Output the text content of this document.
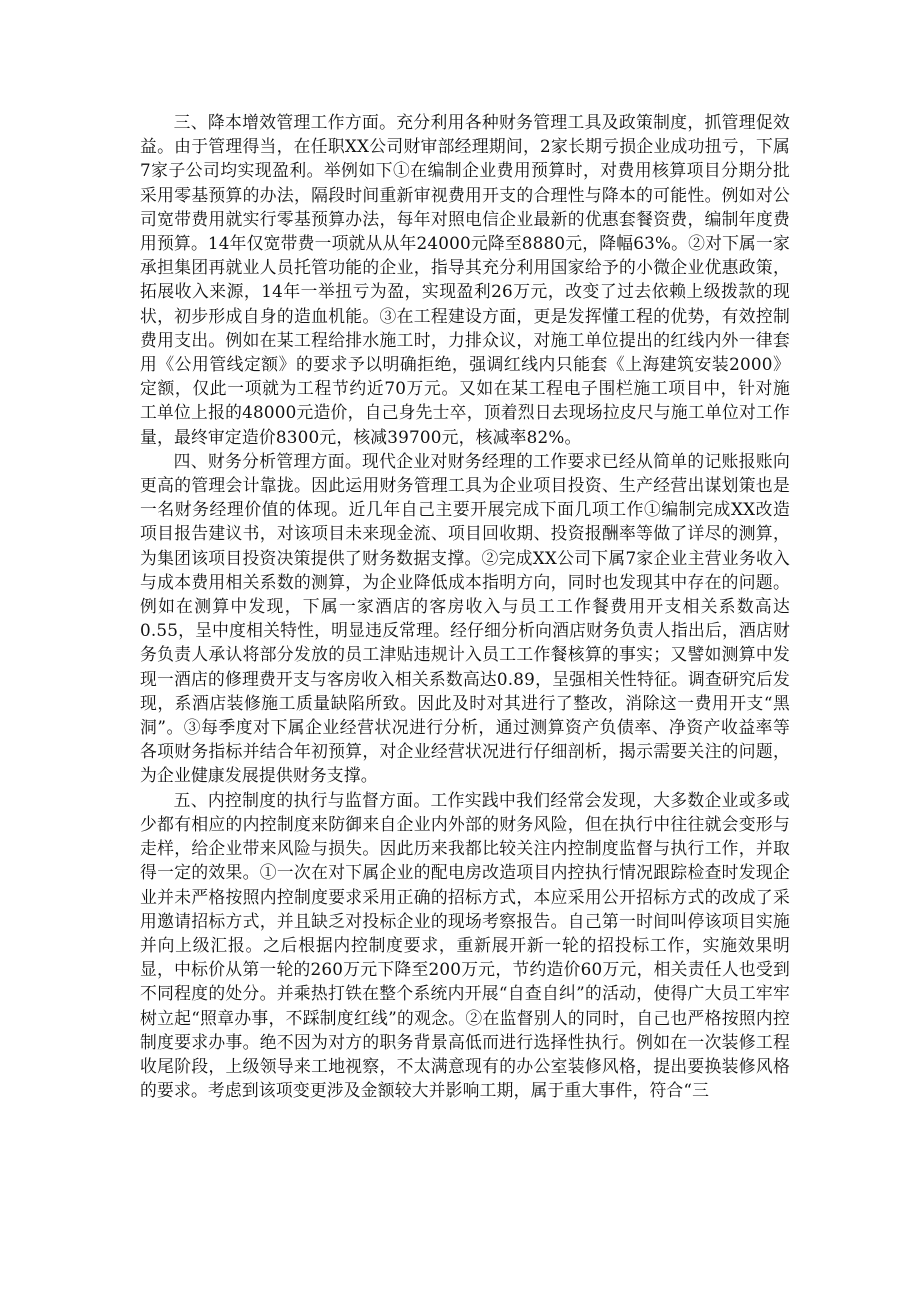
三、降本增效管理工作方面。充分利用各种财务管理工具及政策制度，抓管理促效益。由于管理得当，在任职XX公司财审部经理期间，2家长期亏损企业成功扭亏，下属7家子公司均实现盈利。举例如下①在编制企业费用预算时，对费用核算项目分期分批采用零基预算的办法，隔段时间重新审视费用开支的合理性与降本的可能性。例如对公司宽带费用就实行零基预算办法，每年对照电信企业最新的优惠套餐资费，编制年度费用预算。14年仅宽带费一项就从从年24000元降至8880元，降幅63%。②对下属一家承担集团再就业人员托管功能的企业，指导其充分利用国家给予的小微企业优惠政策，拓展收入来源，14年一举扭亏为盈，实现盈利26万元，改变了过去依赖上级拨款的现状，初步形成自身的造血机能。③在工程建设方面，更是发挥懂工程的优势，有效控制费用支出。例如在某工程给排水施工时，力排众议，对施工单位提出的红线内外一律套用《公用管线定额》的要求予以明确拒绝，强调红线内只能套《上海建筑安装2000》定额，仅此一项就为工程节约近70万元。又如在某工程电子围栏施工项目中，针对施工单位上报的48000元造价，自己身先士卒，顶着烈日去现场拉皮尺与施工单位对工作量，最终审定造价8300元，核减39700元，核减率82%。

四、财务分析管理方面。现代企业对财务经理的工作要求已经从简单的记账报账向更高的管理会计靠拢。因此运用财务管理工具为企业项目投资、生产经营出谋划策也是一名财务经理价值的体现。近几年自己主要开展完成下面几项工作①编制完成XX改造项目报告建议书，对该项目未来现金流、项目回收期、投资报酬率等做了详尽的测算，为集团该项目投资决策提供了财务数据支撑。②完成XX公司下属7家企业主营业务收入与成本费用相关系数的测算，为企业降低成本指明方向，同时也发现其中存在的问题。例如在测算中发现，下属一家酒店的客房收入与员工工作餐费用开支相关系数高达0.55，呈中度相关特性，明显违反常理。经仔细分析向酒店财务负责人指出后，酒店财务负责人承认将部分发放的员工津贴违规计入员工工作餐核算的事实；又譬如测算中发现一酒店的修理费开支与客房收入相关系数高达0.89，呈强相关性特征。调查研究后发现，系酒店装修施工质量缺陷所致。因此及时对其进行了整改，消除这一费用开支“黑洞”。③每季度对下属企业经营状况进行分析，通过测算资产负债率、净资产收益率等各项财务指标并结合年初预算，对企业经营状况进行仔细剖析，揭示需要关注的问题，为企业健康发展提供财务支撑。

五、内控制度的执行与监督方面。工作实践中我们经常会发现，大多数企业或多或少都有相应的内控制度来防御来自企业内外部的财务风险，但在执行中往往就会变形与走样，给企业带来风险与损失。因此历来我都比较关注内控制度监督与执行工作，并取得一定的效果。①一次在对下属企业的配电房改造项目内控执行情况跟踪检查时发现企业并未严格按照内控制度要求采用正确的招标方式，本应采用公开招标方式的改成了采用邀请招标方式，并且缺乏对投标企业的现场考察报告。自己第一时间叫停该项目实施并向上级汇报。之后根据内控制度要求，重新展开新一轮的招投标工作，实施效果明显，中标价从第一轮的260万元下降至200万元，节约造价60万元，相关责任人也受到不同程度的处分。并乘热打铁在整个系统内开展“自查自纠”的活动，使得广大员工牢牢树立起“照章办事，不踩制度红线”的观念。②在监督别人的同时，自己也严格按照内控制度要求办事。绝不因为对方的职务背景高低而进行选择性执行。例如在一次装修工程收尾阶段，上级领导来工地视察，不太满意现有的办公室装修风格，提出要换装修风格的要求。考虑到该项变更涉及金额较大并影响工期，属于重大事件，符合“三
